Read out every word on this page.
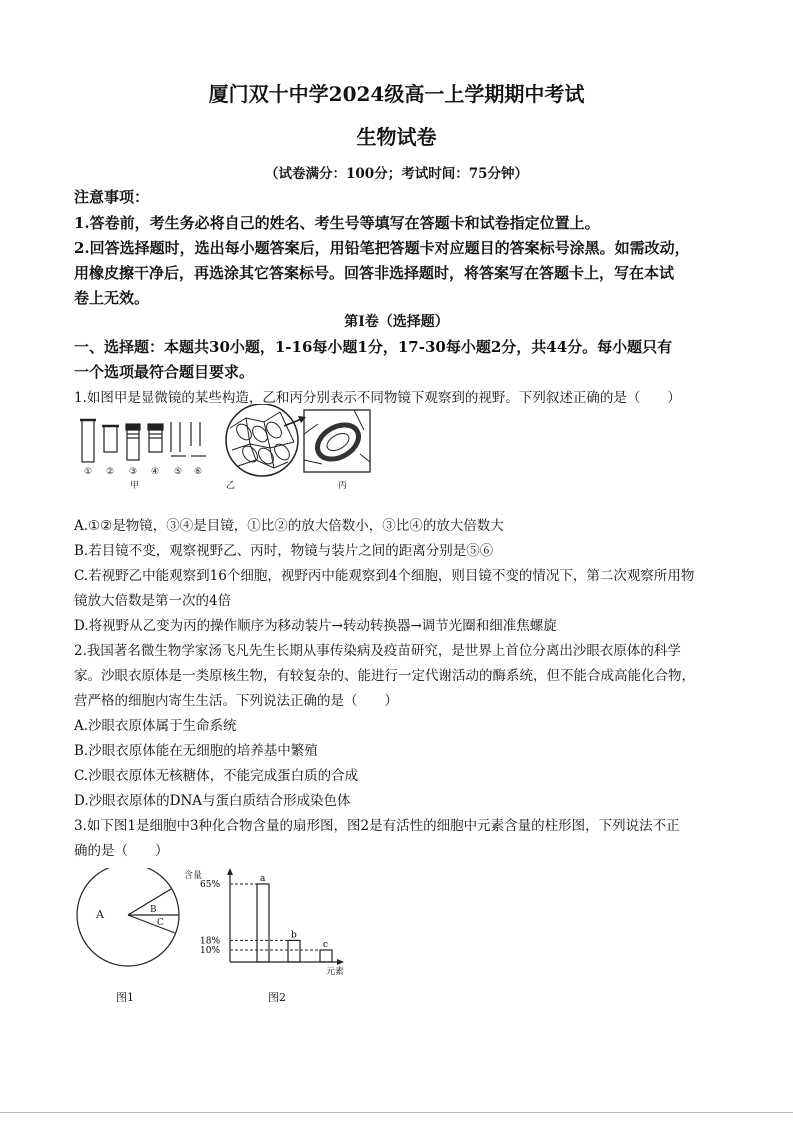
厦门双十中学2024级高一上学期期中考试
生物试卷
（试卷满分：100分；考试时间：75分钟）
注意事项：
1.答卷前，考生务必将自己的姓名、考生号等填写在答题卡和试卷指定位置上。
2.回答选择题时，选出每小题答案后，用铅笔把答题卡对应题目的答案标号涂黑。如需改动，
用橡皮擦干净后，再选涂其它答案标号。回答非选择题时，将答案写在答题卡上，写在本试
卷上无效。
第Ⅰ卷（选择题）
一、选择题：本题共30小题，1-16每小题1分，17-30每小题2分，共44分。每小题只有
一个选项最符合题目要求。
1.如图甲是显微镜的某些构造，乙和丙分别表示不同物镜下观察到的视野。下列叙述正确的是（　　）
① ② ③ ④ ⑤ ⑥
甲	乙	丙
A.①②是物镜，③④是目镜，①比②的放大倍数小，③比④的放大倍数大
B.若目镜不变，观察视野乙、丙时，物镜与装片之间的距离分别是⑤⑥
C.若视野乙中能观察到16个细胞，视野丙中能观察到4个细胞，则目镜不变的情况下，第二次观察所用物
镜放大倍数是第一次的4倍
D.将视野从乙变为丙的操作顺序为移动装片→转动转换器→调节光圈和细准焦螺旋
2.我国著名微生物学家汤飞凡先生长期从事传染病及疫苗研究，是世界上首位分离出沙眼衣原体的科学
家。沙眼衣原体是一类原核生物，有较复杂的、能进行一定代谢活动的酶系统，但不能合成高能化合物，
营严格的细胞内寄生生活。下列说法正确的是（　　）
A.沙眼衣原体属于生命系统
B.沙眼衣原体能在无细胞的培养基中繁殖
C.沙眼衣原体无核糖体，不能完成蛋白质的合成
D.沙眼衣原体的DNA与蛋白质结合形成染色体
3.如下图1是细胞中3种化合物含量的扇形图，图2是有活性的细胞中元素含量的柱形图，下列说法不正
确的是（　　）
A	B
C
图1
含量
元素
65%
a
18%
b
10%
c
图2
